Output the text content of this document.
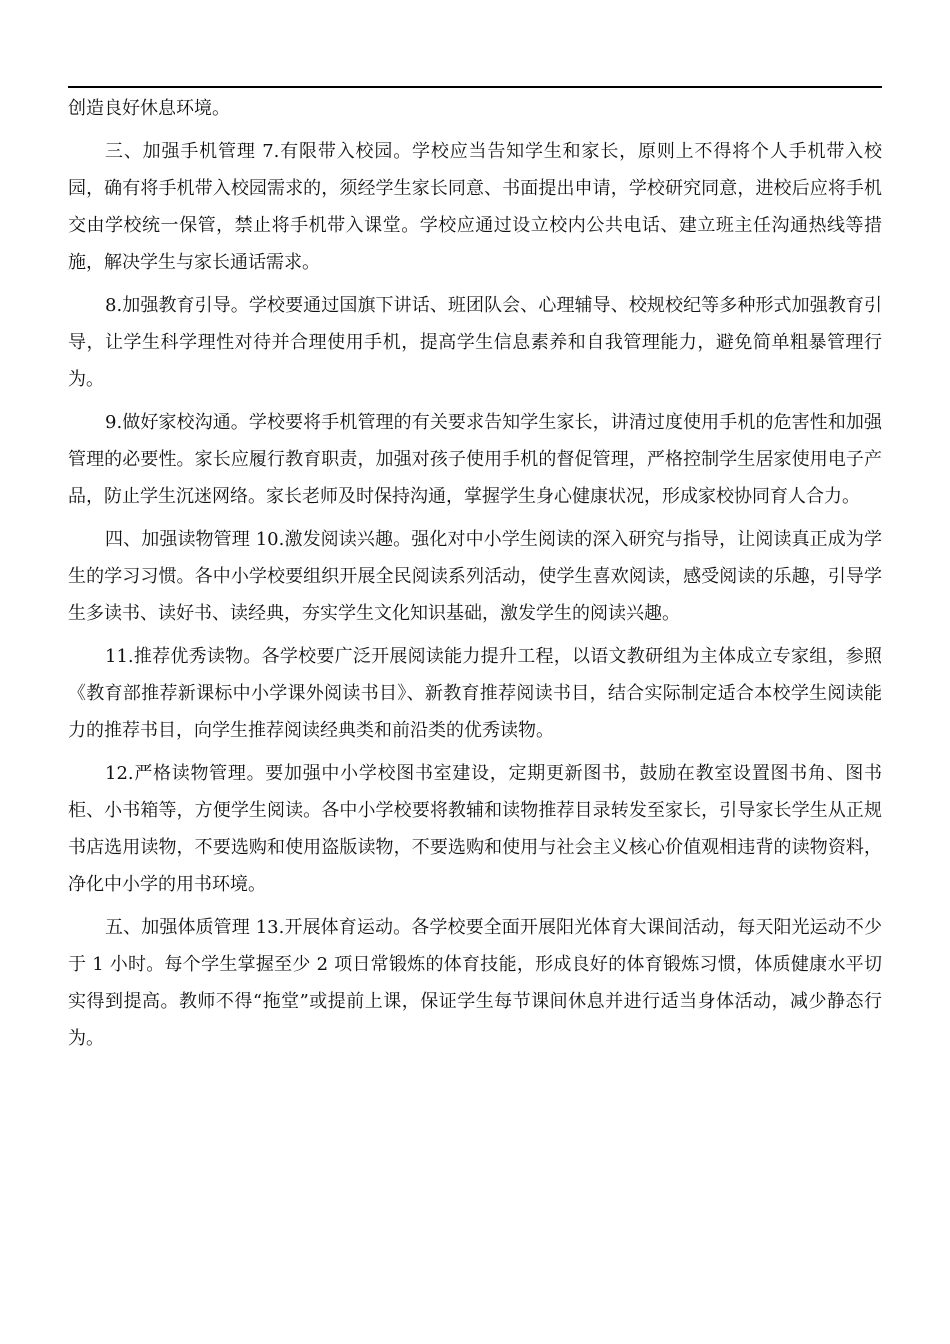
创造良好休息环境。

三、加强手机管理 7.有限带入校园。学校应当告知学生和家长，原则上不得将个人手机带入校园，确有将手机带入校园需求的，须经学生家长同意、书面提出申请，学校研究同意，进校后应将手机交由学校统一保管，禁止将手机带入课堂。学校应通过设立校内公共电话、建立班主任沟通热线等措施，解决学生与家长通话需求。

8.加强教育引导。学校要通过国旗下讲话、班团队会、心理辅导、校规校纪等多种形式加强教育引导，让学生科学理性对待并合理使用手机，提高学生信息素养和自我管理能力，避免简单粗暴管理行为。

9.做好家校沟通。学校要将手机管理的有关要求告知学生家长，讲清过度使用手机的危害性和加强管理的必要性。家长应履行教育职责，加强对孩子使用手机的督促管理，严格控制学生居家使用电子产品，防止学生沉迷网络。家长老师及时保持沟通，掌握学生身心健康状况，形成家校协同育人合力。

四、加强读物管理 10.激发阅读兴趣。强化对中小学生阅读的深入研究与指导，让阅读真正成为学生的学习习惯。各中小学校要组织开展全民阅读系列活动，使学生喜欢阅读，感受阅读的乐趣，引导学生多读书、读好书、读经典，夯实学生文化知识基础，激发学生的阅读兴趣。

11.推荐优秀读物。各学校要广泛开展阅读能力提升工程，以语文教研组为主体成立专家组，参照《教育部推荐新课标中小学课外阅读书目》、新教育推荐阅读书目，结合实际制定适合本校学生阅读能力的推荐书目，向学生推荐阅读经典类和前沿类的优秀读物。

12.严格读物管理。要加强中小学校图书室建设，定期更新图书，鼓励在教室设置图书角、图书柜、小书箱等，方便学生阅读。各中小学校要将教辅和读物推荐目录转发至家长，引导家长学生从正规书店选用读物，不要选购和使用盗版读物，不要选购和使用与社会主义核心价值观相违背的读物资料，净化中小学的用书环境。

五、加强体质管理 13.开展体育运动。各学校要全面开展阳光体育大课间活动，每天阳光运动不少于 1 小时。每个学生掌握至少 2 项日常锻炼的体育技能，形成良好的体育锻炼习惯，体质健康水平切实得到提高。教师不得“拖堂”或提前上课，保证学生每节课间休息并进行适当身体活动，减少静态行为。
